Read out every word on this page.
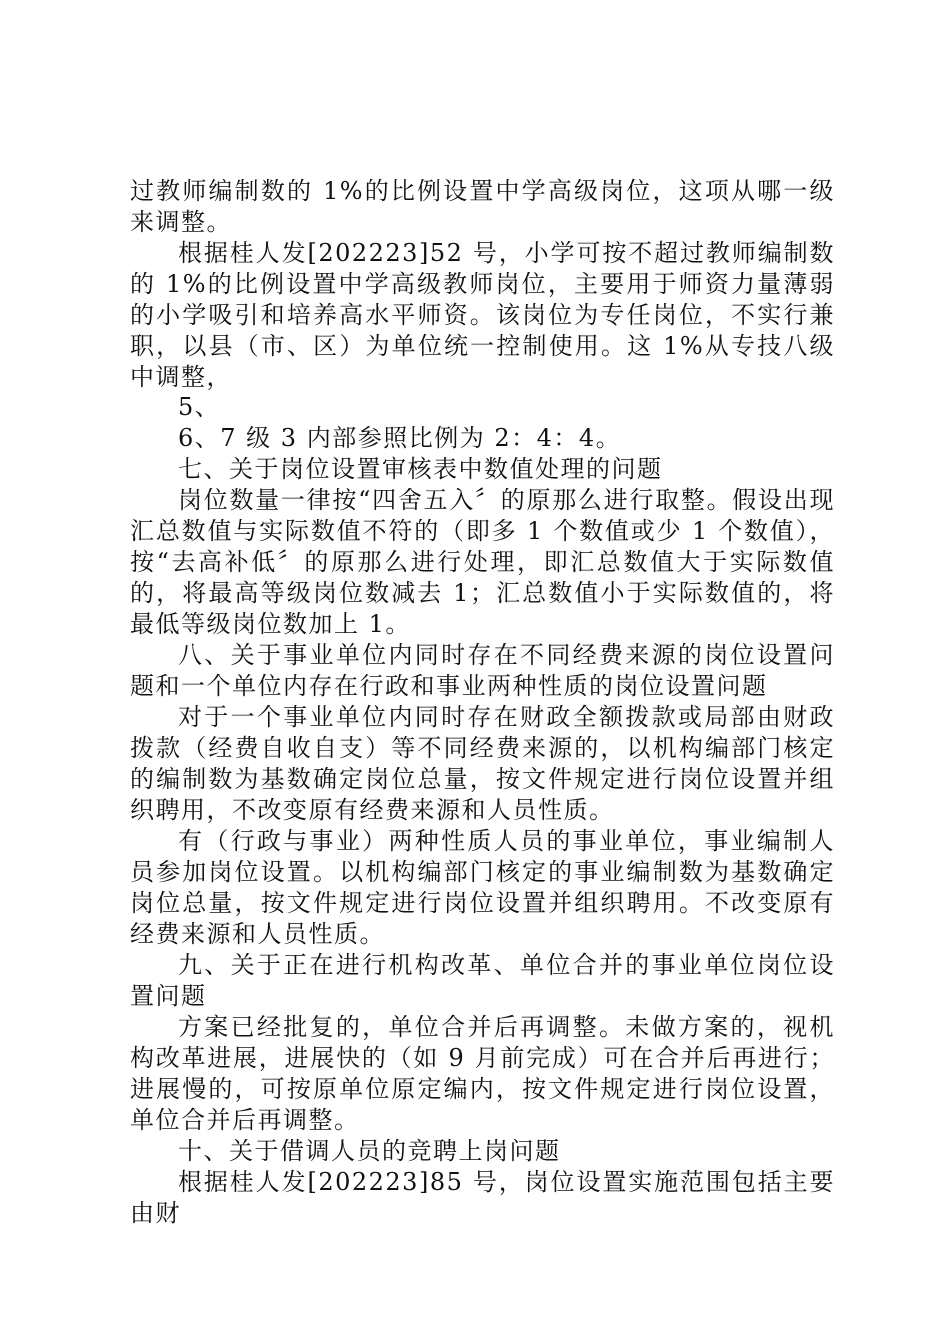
过教师编制数的 1%的比例设置中学高级岗位，这项从哪一级来调整。

根据桂人发[202223]52 号，小学可按不超过教师编制数的 1%的比例设置中学高级教师岗位，主要用于师资力量薄弱的小学吸引和培养高水平师资。该岗位为专任岗位，不实行兼职，以县（市、区）为单位统一控制使用。这 1%从专技八级中调整，

5、

6、7 级 3 内部参照比例为 2：4：4。

七、关于岗位设置审核表中数值处理的问题

岗位数量一律按“四舍五入〞的原那么进行取整。假设出现汇总数值与实际数值不符的（即多 1 个数值或少 1 个数值），按“去高补低〞的原那么进行处理，即汇总数值大于实际数值的，将最高等级岗位数减去 1；汇总数值小于实际数值的，将最低等级岗位数加上 1。

八、关于事业单位内同时存在不同经费来源的岗位设置问题和一个单位内存在行政和事业两种性质的岗位设置问题

对于一个事业单位内同时存在财政全额拨款或局部由财政拨款（经费自收自支）等不同经费来源的，以机构编部门核定的编制数为基数确定岗位总量，按文件规定进行岗位设置并组织聘用，不改变原有经费来源和人员性质。

有（行政与事业）两种性质人员的事业单位，事业编制人员参加岗位设置。以机构编部门核定的事业编制数为基数确定岗位总量，按文件规定进行岗位设置并组织聘用。不改变原有经费来源和人员性质。

九、关于正在进行机构改革、单位合并的事业单位岗位设置问题

方案已经批复的，单位合并后再调整。未做方案的，视机构改革进展，进展快的（如 9 月前完成）可在合并后再进行；进展慢的，可按原单位原定编内，按文件规定进行岗位设置，单位合并后再调整。

十、关于借调人员的竞聘上岗问题

根据桂人发[202223]85 号，岗位设置实施范围包括主要由财
